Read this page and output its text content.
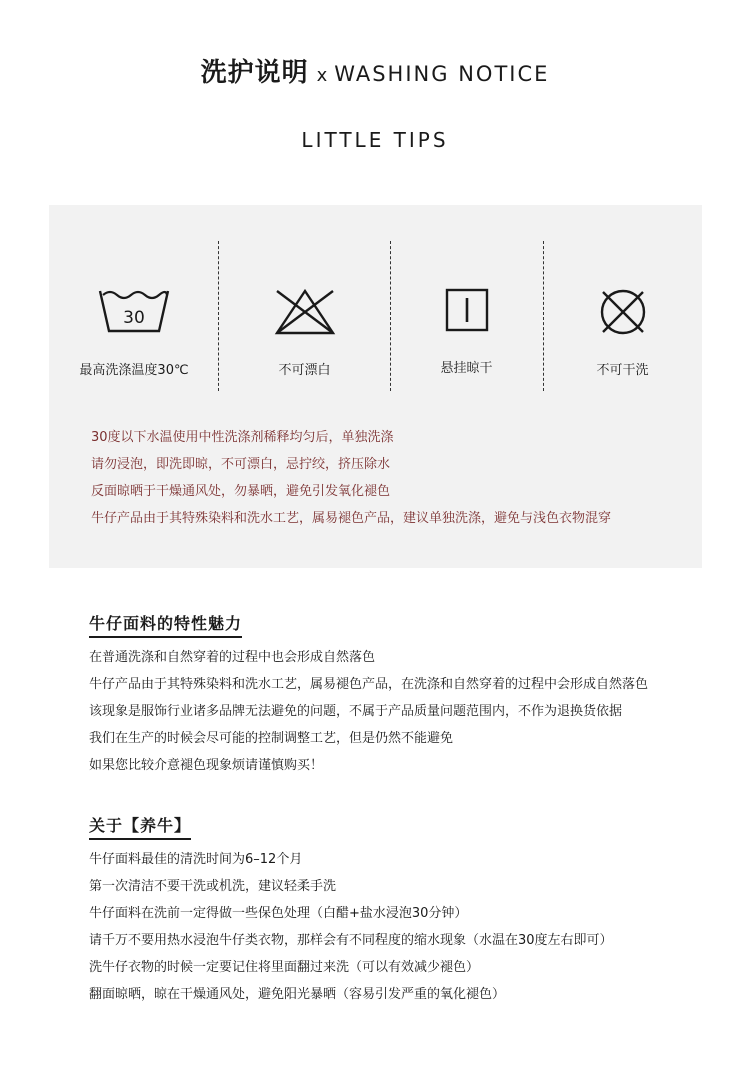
洗护说明 x WASHING NOTICE
LITTLE TIPS
30
最高洗涤温度30℃	不可漂白	悬挂晾干	不可干洗
30度以下水温使用中性洗涤剂稀释均匀后，单独洗涤
请勿浸泡，即洗即晾，不可漂白，忌拧绞，挤压除水
反面晾晒于干燥通风处，勿暴晒，避免引发氧化褪色
牛仔产品由于其特殊染料和洗水工艺，属易褪色产品，建议单独洗涤，避免与浅色衣物混穿
牛仔面料的特性魅力
在普通洗涤和自然穿着的过程中也会形成自然落色
牛仔产品由于其特殊染料和洗水工艺，属易褪色产品，在洗涤和自然穿着的过程中会形成自然落色
该现象是服饰行业诸多品牌无法避免的问题，不属于产品质量问题范围内，不作为退换货依据
我们在生产的时候会尽可能的控制调整工艺，但是仍然不能避免
如果您比较介意褪色现象烦请谨慎购买！
关于【养牛】
牛仔面料最佳的清洗时间为6–12个月
第一次清洁不要干洗或机洗，建议轻柔手洗
牛仔面料在洗前一定得做一些保色处理（白醋+盐水浸泡30分钟）
请千万不要用热水浸泡牛仔类衣物，那样会有不同程度的缩水现象（水温在30度左右即可）
洗牛仔衣物的时候一定要记住将里面翻过来洗（可以有效减少褪色）
翻面晾晒，晾在干燥通风处，避免阳光暴晒（容易引发严重的氧化褪色）
